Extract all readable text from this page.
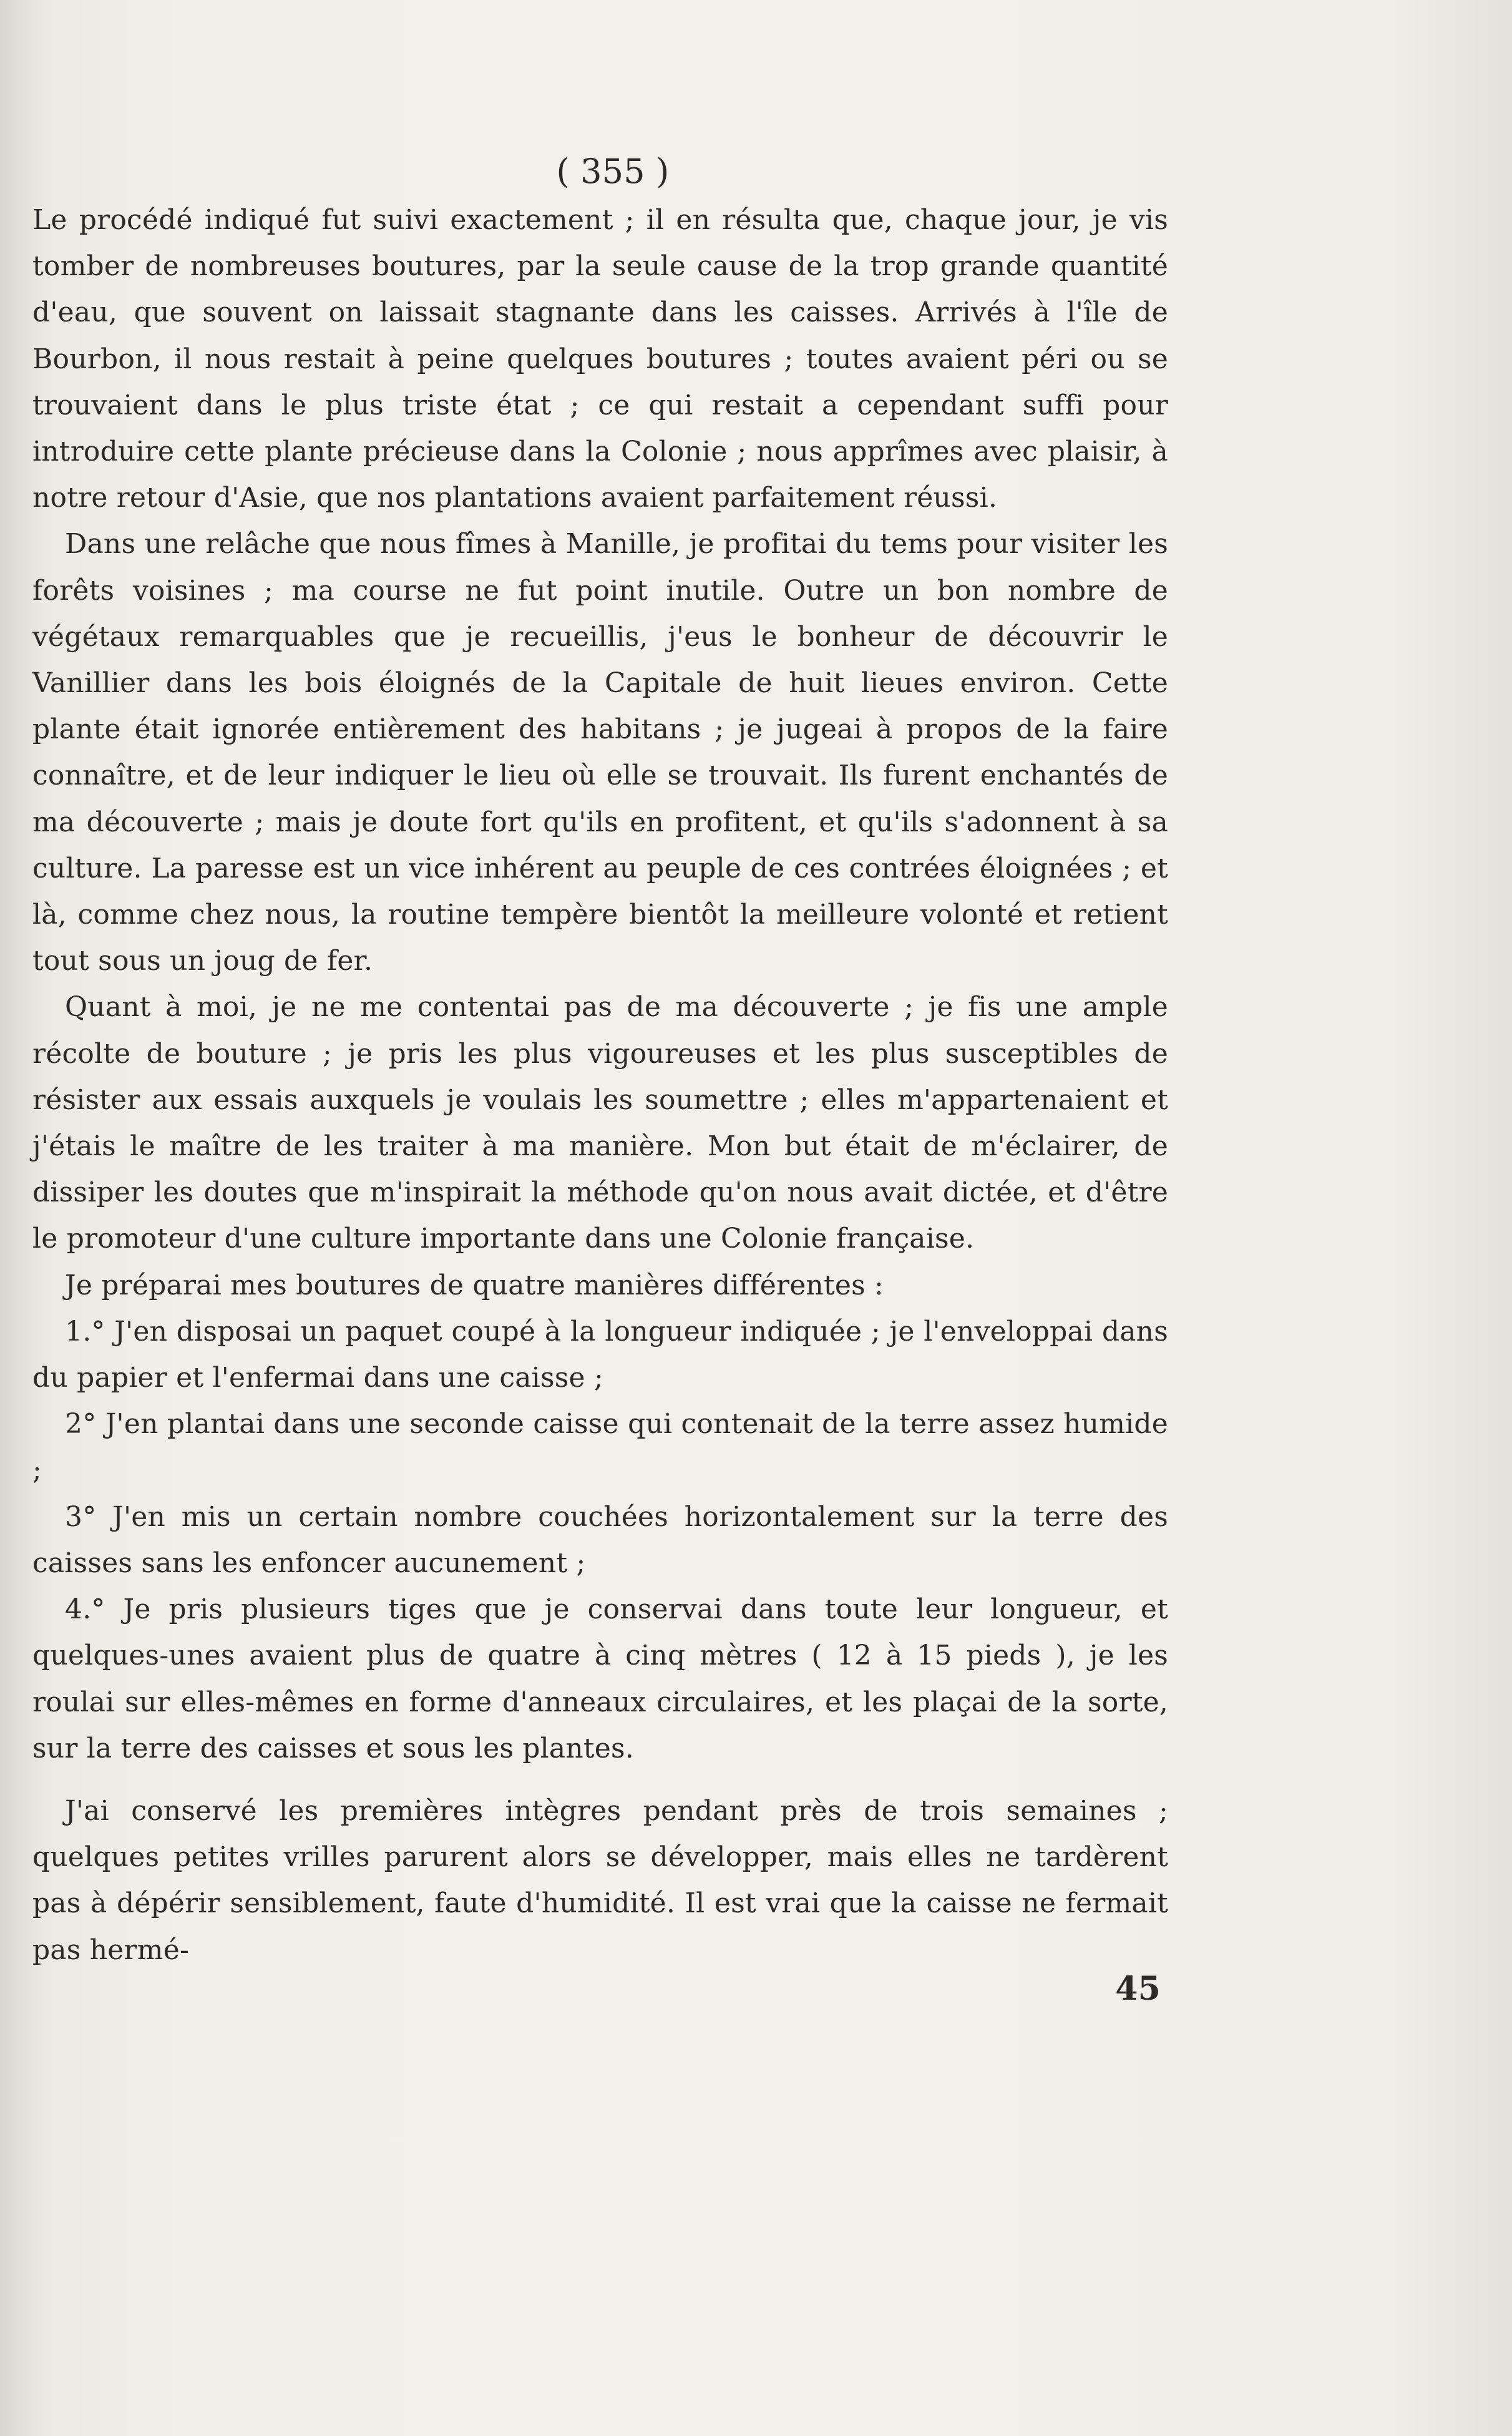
( 355 )

Le procédé indiqué fut suivi exactement ; il en résulta que, chaque jour, je vis tomber de nombreuses boutures, par la seule cause de la trop grande quantité d'eau, que souvent on laissait stagnante dans les caisses. Arrivés à l'île de Bourbon, il nous restait à peine quelques boutures ; toutes avaient péri ou se trouvaient dans le plus triste état ; ce qui restait a cependant suffi pour introduire cette plante précieuse dans la Colonie ; nous apprîmes avec plaisir, à notre retour d'Asie, que nos plantations avaient parfaitement réussi.

Dans une relâche que nous fîmes à Manille, je profitai du tems pour visiter les forêts voisines ; ma course ne fut point inutile. Outre un bon nombre de végétaux remarquables que je recueillis, j'eus le bonheur de découvrir le Vanillier dans les bois éloignés de la Capitale de huit lieues environ. Cette plante était ignorée entièrement des habitans ; je jugeai à propos de la faire connaître, et de leur indiquer le lieu où elle se trouvait. Ils furent enchantés de ma découverte ; mais je doute fort qu'ils en profitent, et qu'ils s'adonnent à sa culture. La paresse est un vice inhérent au peuple de ces contrées éloignées ; et là, comme chez nous, la routine tempère bientôt la meilleure volonté et retient tout sous un joug de fer.

Quant à moi, je ne me contentai pas de ma découverte ; je fis une ample récolte de bouture ; je pris les plus vigoureuses et les plus susceptibles de résister aux essais auxquels je voulais les soumettre ; elles m'appartenaient et j'étais le maître de les traiter à ma manière. Mon but était de m'éclairer, de dissiper les doutes que m'inspirait la méthode qu'on nous avait dictée, et d'être le promoteur d'une culture importante dans une Colonie française.

Je préparai mes boutures de quatre manières différentes :

1.° J'en disposai un paquet coupé à la longueur indiquée ; je l'enveloppai dans du papier et l'enfermai dans une caisse ;

2° J'en plantai dans une seconde caisse qui contenait de la terre assez humide ;

3° J'en mis un certain nombre couchées horizontalement sur la terre des caisses sans les enfoncer aucunement ;

4.° Je pris plusieurs tiges que je conservai dans toute leur longueur, et quelques-unes avaient plus de quatre à cinq mètres ( 12 à 15 pieds ), je les roulai sur elles-mêmes en forme d'anneaux circulaires, et les plaçai de la sorte, sur la terre des caisses et sous les plantes.

J'ai conservé les premières intègres pendant près de trois semaines ; quelques petites vrilles parurent alors se développer, mais elles ne tardèrent pas à dépérir sensiblement, faute d'humidité. Il est vrai que la caisse ne fermait pas hermé-

45
